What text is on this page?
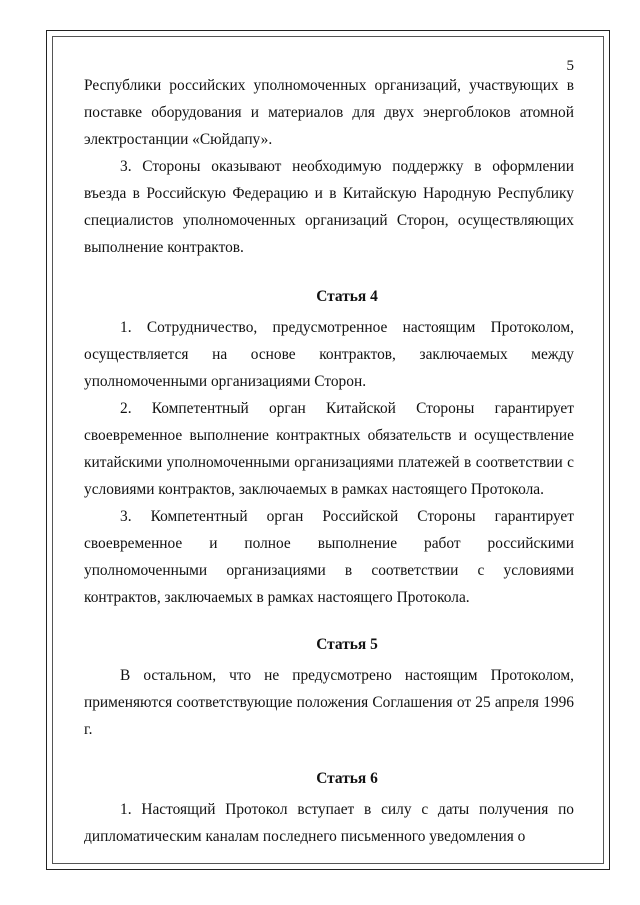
5

Республики российских уполномоченных организаций, участвующих в поставке оборудования и материалов для двух энергоблоков атомной электростанции «Сюйдапу».

3. Стороны оказывают необходимую поддержку в оформлении въезда в Российскую Федерацию и в Китайскую Народную Республику специалистов уполномоченных организаций Сторон, осуществляющих выполнение контрактов.

Статья 4

1. Сотрудничество, предусмотренное настоящим Протоколом, осуществляется на основе контрактов, заключаемых между уполномоченными организациями Сторон.

2. Компетентный орган Китайской Стороны гарантирует своевременное выполнение контрактных обязательств и осуществление китайскими уполномоченными организациями платежей в соответствии с условиями контрактов, заключаемых в рамках настоящего Протокола.

3. Компетентный орган Российской Стороны гарантирует своевременное и полное выполнение работ российскими уполномоченными организациями в соответствии с условиями контрактов, заключаемых в рамках настоящего Протокола.

Статья 5

В остальном, что не предусмотрено настоящим Протоколом, применяются соответствующие положения Соглашения от 25 апреля 1996 г.

Статья 6

1. Настоящий Протокол вступает в силу с даты получения по дипломатическим каналам последнего письменного уведомления о
